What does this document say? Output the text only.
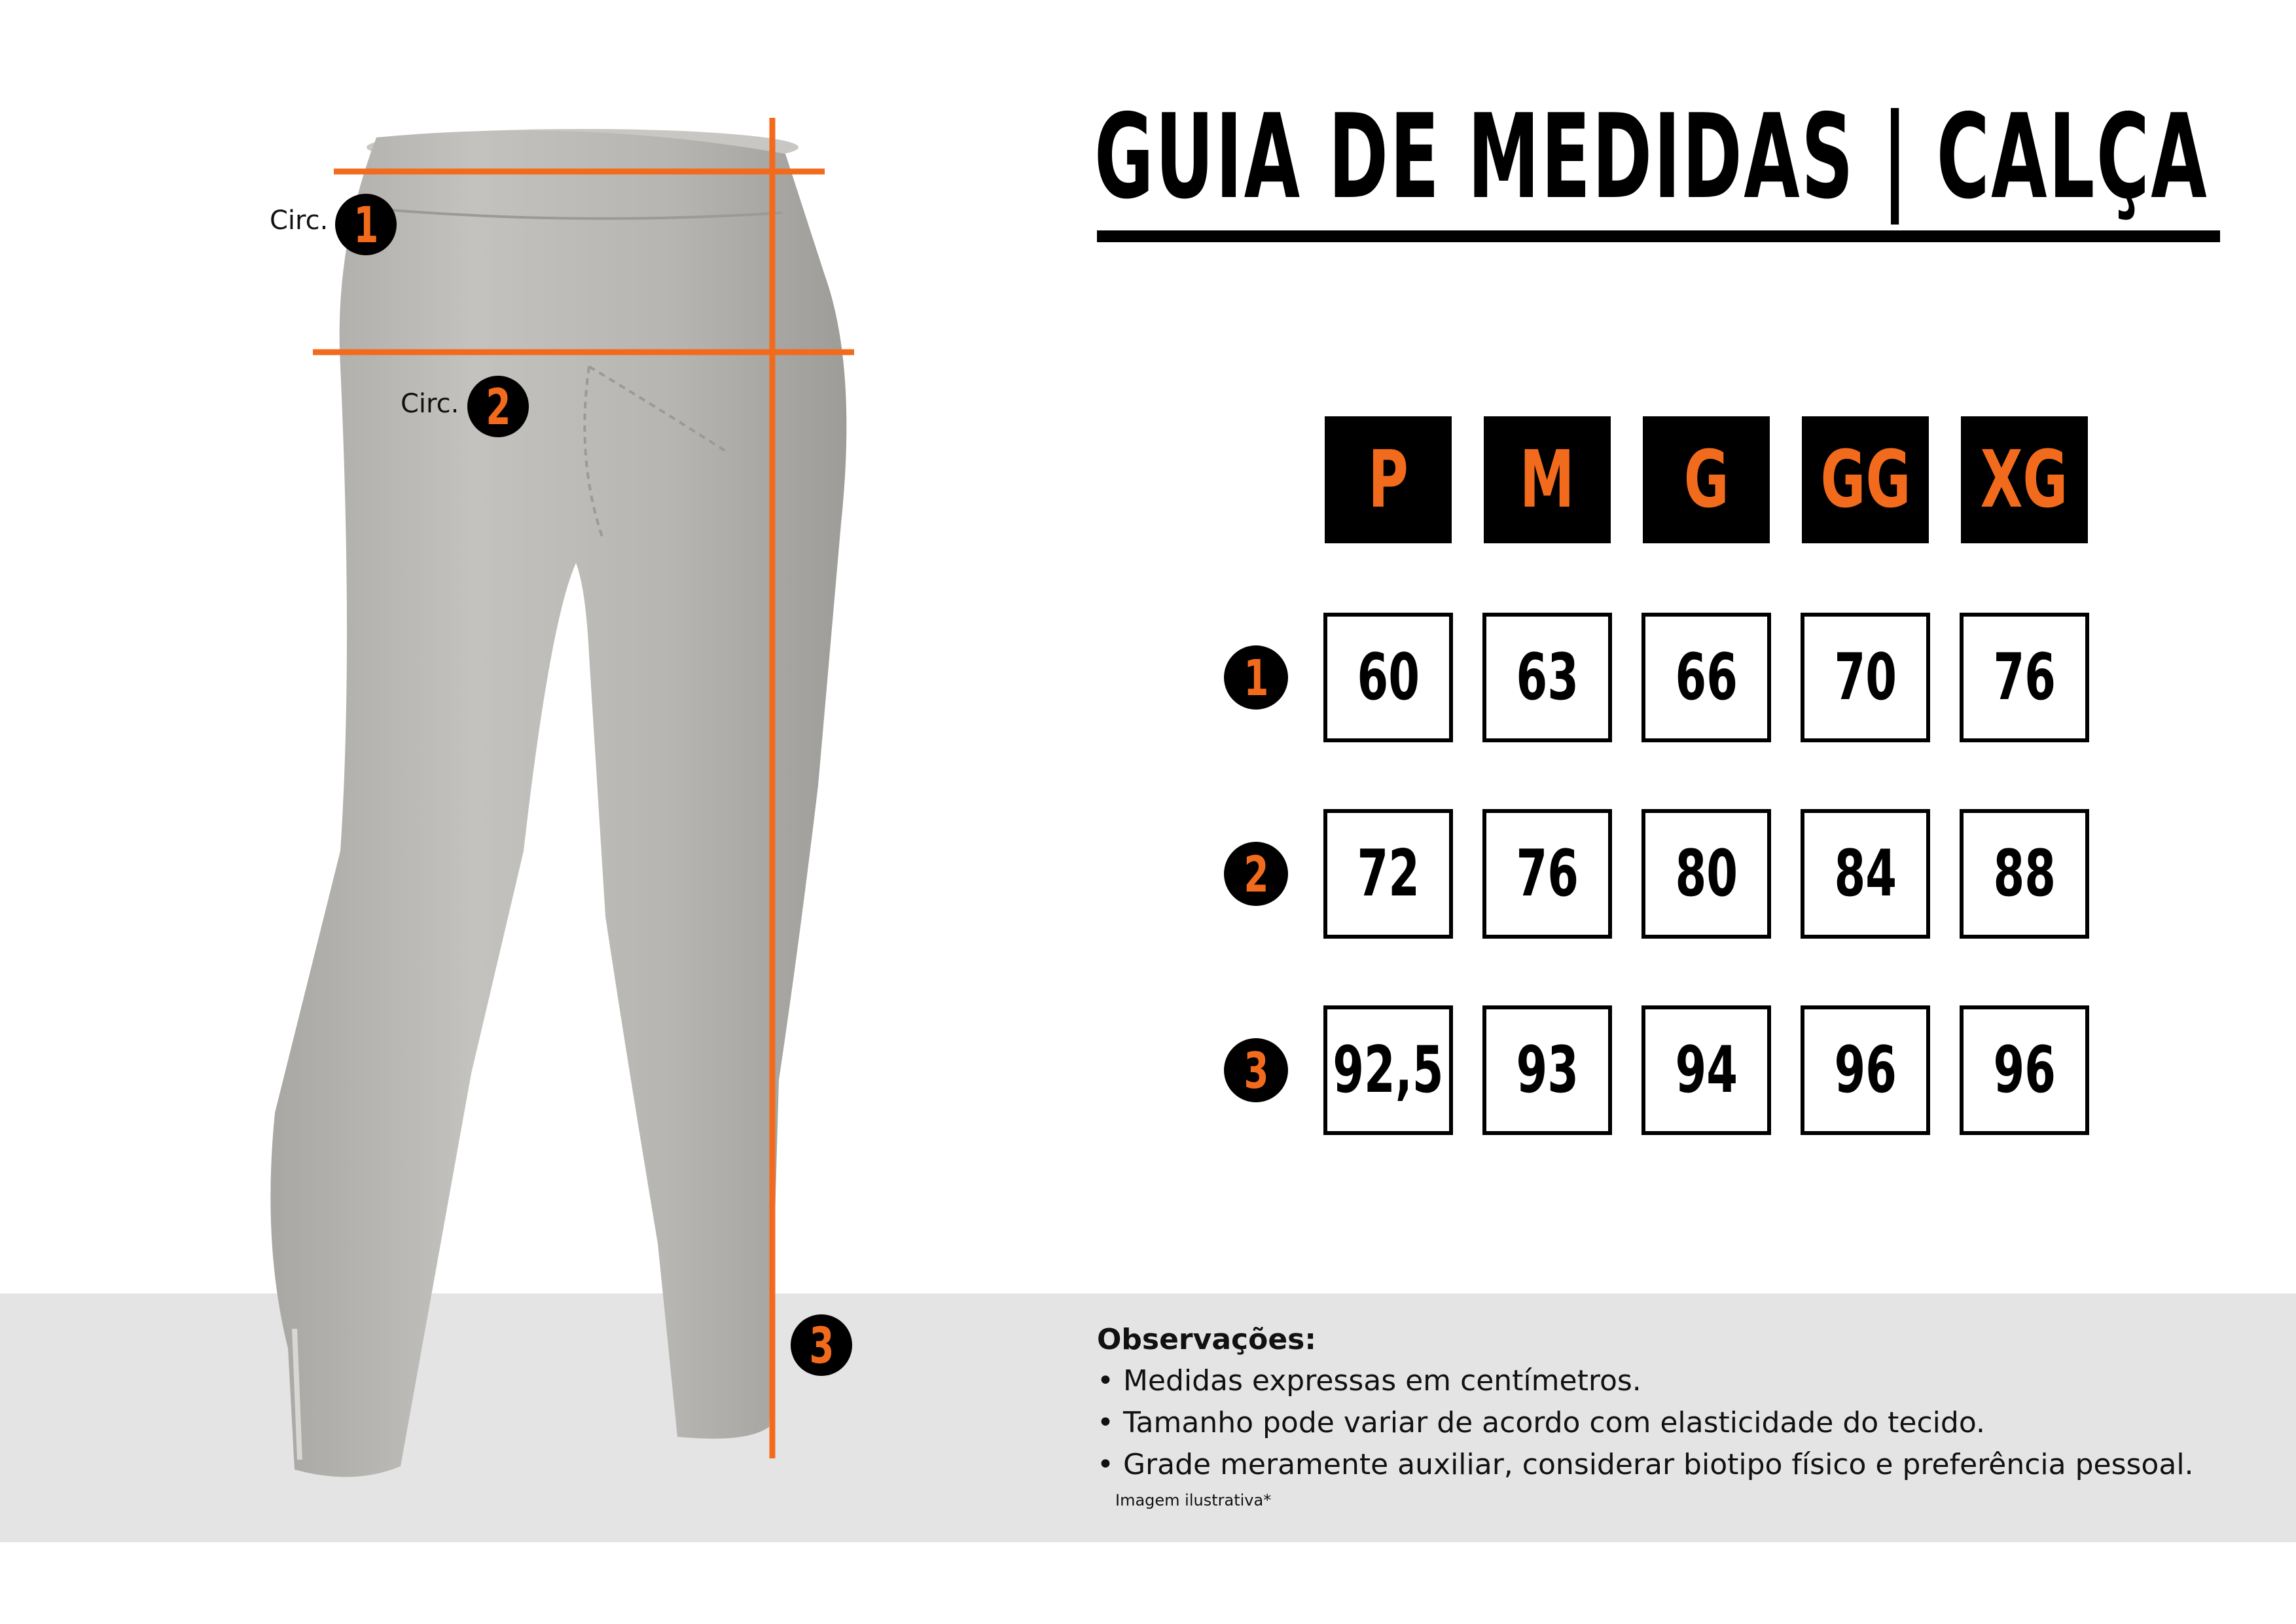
Circ. 1
Circ. 2
3
GUIA DE MEDIDAS | CALÇA
P M G GG XG
1 60 63 66 70 76
2 72 76 80 84 88
3 92,5 93 94 96 96
Observações:
• Medidas expressas em centímetros.
• Tamanho pode variar de acordo com elasticidade do tecido.
• Grade meramente auxiliar, considerar biotipo físico e preferência pessoal.
Imagem ilustrativa*
